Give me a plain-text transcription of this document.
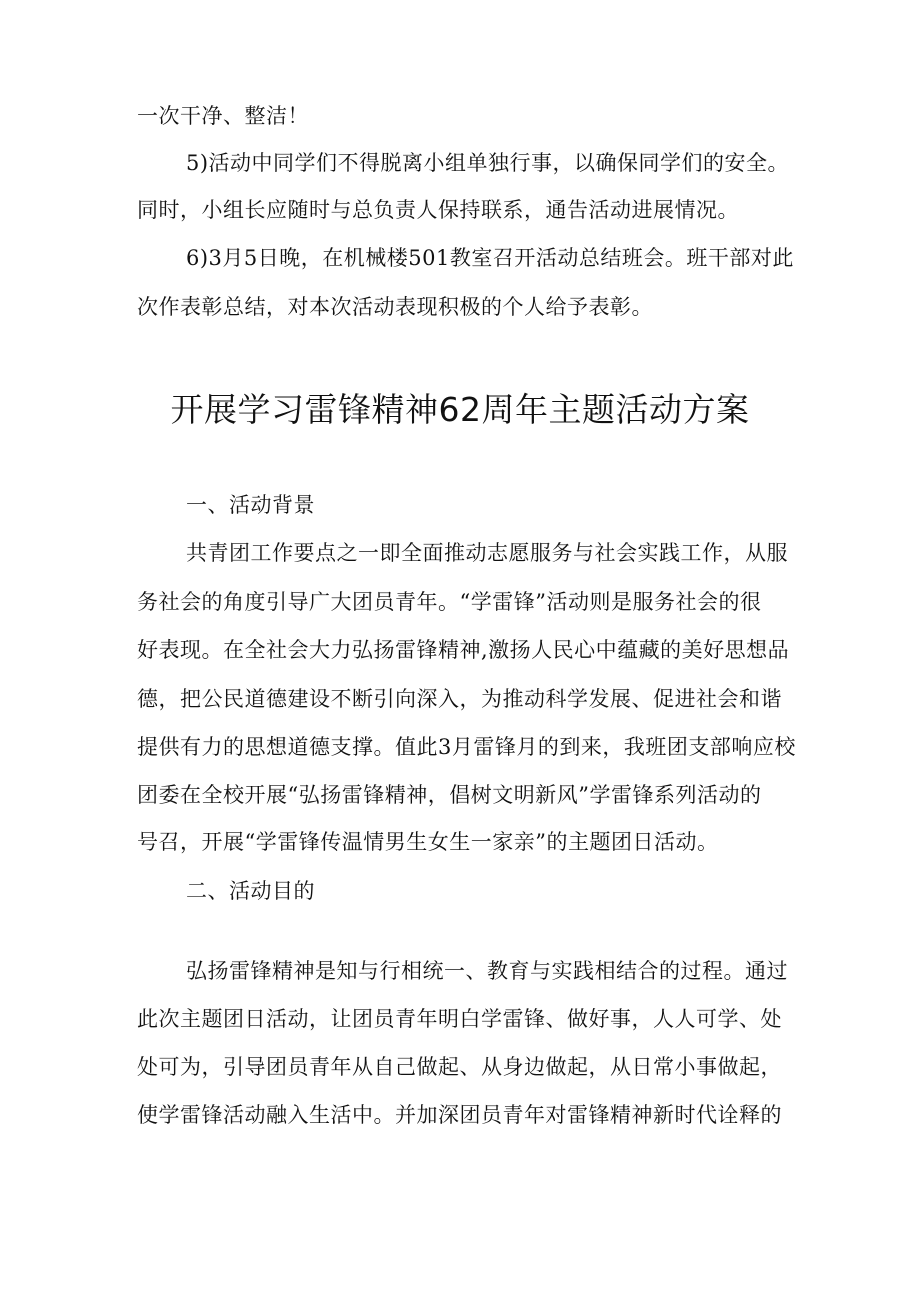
一次干净、整洁！
5)活动中同学们不得脱离小组单独行事，以确保同学们的安全。
同时，小组长应随时与总负责人保持联系，通告活动进展情况。
6)3月5日晚，在机械楼501教室召开活动总结班会。班干部对此
次作表彰总结，对本次活动表现积极的个人给予表彰。
开展学习雷锋精神62周年主题活动方案
一、活动背景
共青团工作要点之一即全面推动志愿服务与社会实践工作，从服
务社会的角度引导广大团员青年。“学雷锋”活动则是服务社会的很
好表现。在全社会大力弘扬雷锋精神,激扬人民心中蕴藏的美好思想品
德，把公民道德建设不断引向深入，为推动科学发展、促进社会和谐
提供有力的思想道德支撑。值此3月雷锋月的到来，我班团支部响应校
团委在全校开展“弘扬雷锋精神，倡树文明新风”学雷锋系列活动的
号召，开展“学雷锋传温情男生女生一家亲”的主题团日活动。
二、活动目的
弘扬雷锋精神是知与行相统一、教育与实践相结合的过程。通过
此次主题团日活动，让团员青年明白学雷锋、做好事，人人可学、处
处可为，引导团员青年从自己做起、从身边做起，从日常小事做起，
使学雷锋活动融入生活中。并加深团员青年对雷锋精神新时代诠释的
